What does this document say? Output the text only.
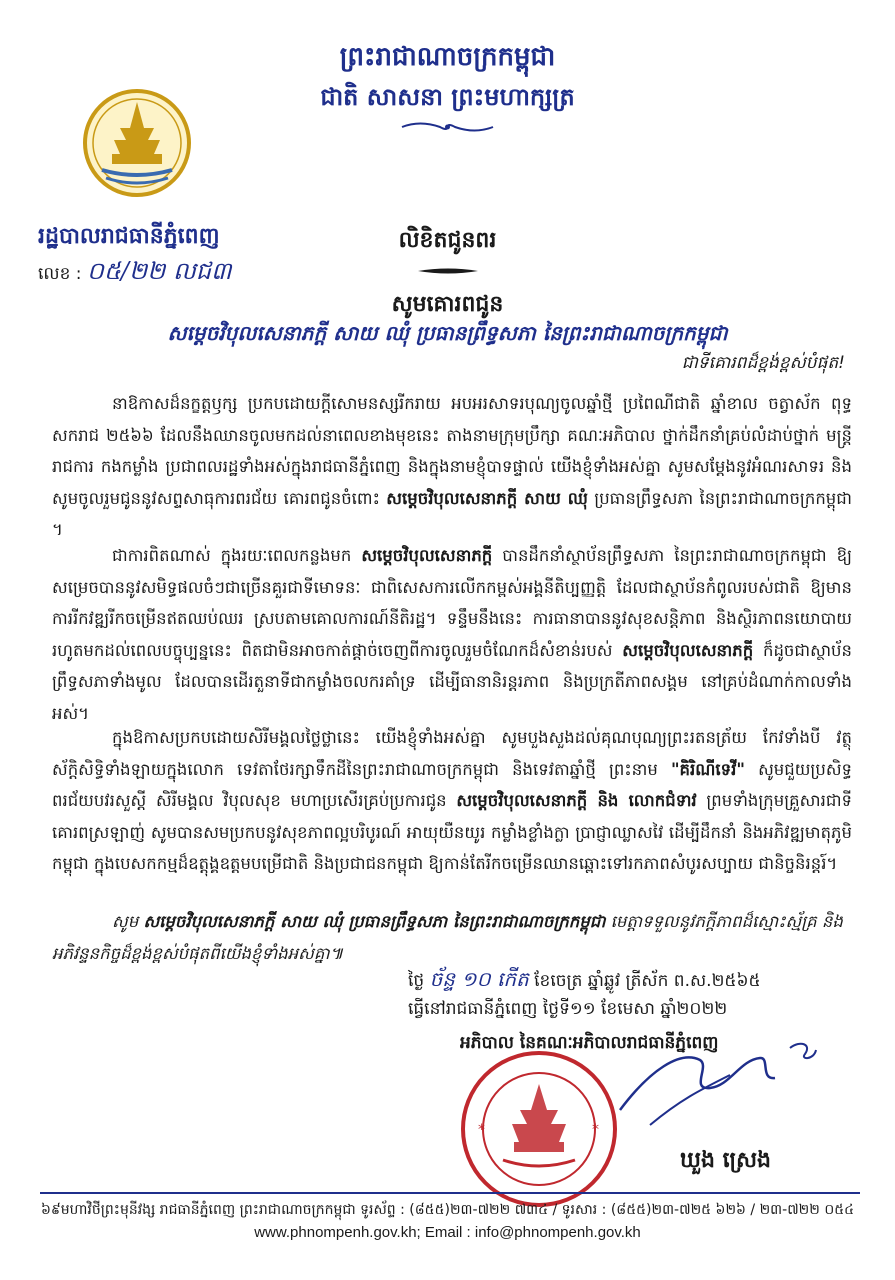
ព្រះរាជាណាចក្រកម្ពុជា
ជាតិ សាសនា ព្រះមហាក្សត្រ
រដ្ឋបាលរាជធានីភ្នំពេញ
លេខ : ០៥/២២ លជ៣
លិខិតជូនពរ
សូមគោរពជូន
សម្តេចវិបុលសេនាភក្តី សាយ ឈុំ ប្រធានព្រឹទ្ធសភា នៃព្រះរាជាណាចក្រកម្ពុជា
ជាទីគោរពដ៏ខ្ពង់ខ្ពស់បំផុត!
នាឱកាសដ៏នក្ខត្តឫក្ស ប្រកបដោយក្តីសោមនស្សរីករាយ អបអរសាទរបុណ្យចូលឆ្នាំថ្មី ប្រពៃណីជាតិ ឆ្នាំខាល ចត្វាស័ក ពុទ្ធសករាជ ២៥៦៦ ដែលនឹងឈានចូលមកដល់នាពេលខាងមុខនេះ តាងនាមក្រុមប្រឹក្សា គណៈអភិបាល ថ្នាក់ដឹកនាំគ្រប់លំដាប់ថ្នាក់ មន្ត្រីរាជការ កងកម្លាំង ប្រជាពលរដ្ឋទាំងអស់ក្នុងរាជធានីភ្នំពេញ និងក្នុងនាមខ្ញុំបាទផ្ទាល់ យើងខ្ញុំទាំងអស់គ្នា សូមសម្តែងនូវអំណរសាទរ និងសូមចូលរួមជូននូវសព្ទសាធុការពរជ័យ គោរពជូនចំពោះ សម្តេចវិបុលសេនាភក្តី សាយ ឈុំ ប្រធានព្រឹទ្ធសភា នៃព្រះរាជាណាចក្រកម្ពុជា ។
ជាការពិតណាស់ ក្នុងរយៈពេលកន្លងមក សម្តេចវិបុលសេនាភក្តី បានដឹកនាំស្ថាប័នព្រឹទ្ធសភា នៃព្រះរាជាណាចក្រកម្ពុជា ឱ្យសម្រេចបាននូវសមិទ្ធផលចំៗជាច្រើនគួរជាទីមោទនៈ ជាពិសេសការលើកកម្ពស់អង្គនីតិប្បញ្ញត្តិ ដែលជាស្ថាប័នកំពូលរបស់ជាតិ ឱ្យមានការរីកវឌ្ឍរីកចម្រើនឥតឈប់ឈរ ស្របតាមគោលការណ៍នីតិរដ្ឋ។ ទន្ទឹមនឹងនេះ ការធានាបាននូវសុខសន្តិភាព និងស្ថិរភាពនយោបាយ រហូតមកដល់ពេលបច្ចុប្បន្ននេះ ពិតជាមិនអាចកាត់ផ្តាច់ចេញពីការចូលរួមចំណែកដ៏សំខាន់របស់ សម្តេចវិបុលសេនាភក្តី ក៏ដូចជាស្ថាប័នព្រឹទ្ធសភាទាំងមូល ដែលបានដើរតួនាទីជាកម្លាំងចលករគាំទ្រ ដើម្បីធានានិរន្តរភាព និងប្រក្រតីភាពសង្គម នៅគ្រប់ដំណាក់កាលទាំងអស់។
ក្នុងឱកាសប្រកបដោយសិរីមង្គលថ្លៃថ្លានេះ យើងខ្ញុំទាំងអស់គ្នា សូមបួងសួងដល់គុណបុណ្យព្រះរតនត្រ័យ កែវទាំងបី វត្ថុស័ក្តិសិទ្ធិទាំងឡាយក្នុងលោក ទេវតាថែរក្សាទឹកដីនៃព្រះរាជាណាចក្រកម្ពុជា និងទេវតាឆ្នាំថ្មី ព្រះនាម "គិរិណីទេវី" សូមជួយប្រសិទ្ធពរជ័យបវរសួស្តី សិរីមង្គល វិបុលសុខ មហាប្រសើរគ្រប់ប្រការជូន សម្តេចវិបុលសេនាភក្តី និង លោកជំទាវ ព្រមទាំងក្រុមគ្រួសារជាទីគោរពស្រឡាញ់ សូមបានសមប្រកបនូវសុខភាពល្អបរិបូរណ៍ អាយុយឺនយូរ កម្លាំងខ្លាំងក្លា ប្រាជ្ញាឈ្លាសវៃ ដើម្បីដឹកនាំ និងអភិវឌ្ឍមាតុភូមិកម្ពុជា ក្នុងបេសកកម្មដ៏ឧត្តុង្គឧត្តមបម្រើជាតិ និងប្រជាជនកម្ពុជា ឱ្យកាន់តែរីកចម្រើនឈានឆ្ពោះទៅរកភាពសំបូរសប្បាយ ជានិច្ចនិរន្តរ៍។
សូម សម្តេចវិបុលសេនាភក្តី សាយ ឈុំ ប្រធានព្រឹទ្ធសភា នៃព្រះរាជាណាចក្រកម្ពុជា មេត្តាទទួលនូវភក្តីភាពដ៏ស្មោះស្ម័គ្រ និងអភិវន្ទនកិច្ចដ៏ខ្ពង់ខ្ពស់បំផុតពីយើងខ្ញុំទាំងអស់គ្នា៕
ថ្ងៃ ច័ន្ទ ១០ កើត ខែចេត្រ ឆ្នាំឆ្លូវ ត្រីស័ក ព.ស.២៥៦៥
ធ្វើនៅរាជធានីភ្នំពេញ ថ្ងៃទី១១ ខែមេសា ឆ្នាំ២០២២
អភិបាល នៃគណៈអភិបាលរាជធានីភ្នំពេញ
*	*
ឃួង ស្រេង
៦៩មហាវិថីព្រះមុនីវង្ស រាជធានីភ្នំពេញ ព្រះរាជាណាចក្រកម្ពុជា ទូរស័ព្ទ : (៨៥៥)២៣-៧២២ ៧៣៤ / ទូរសារ : (៨៥៥)២៣-៧២៥ ៦២៦ / ២៣-៧២២ ០៥៤
www.phnompenh.gov.kh; Email : info@phnompenh.gov.kh
